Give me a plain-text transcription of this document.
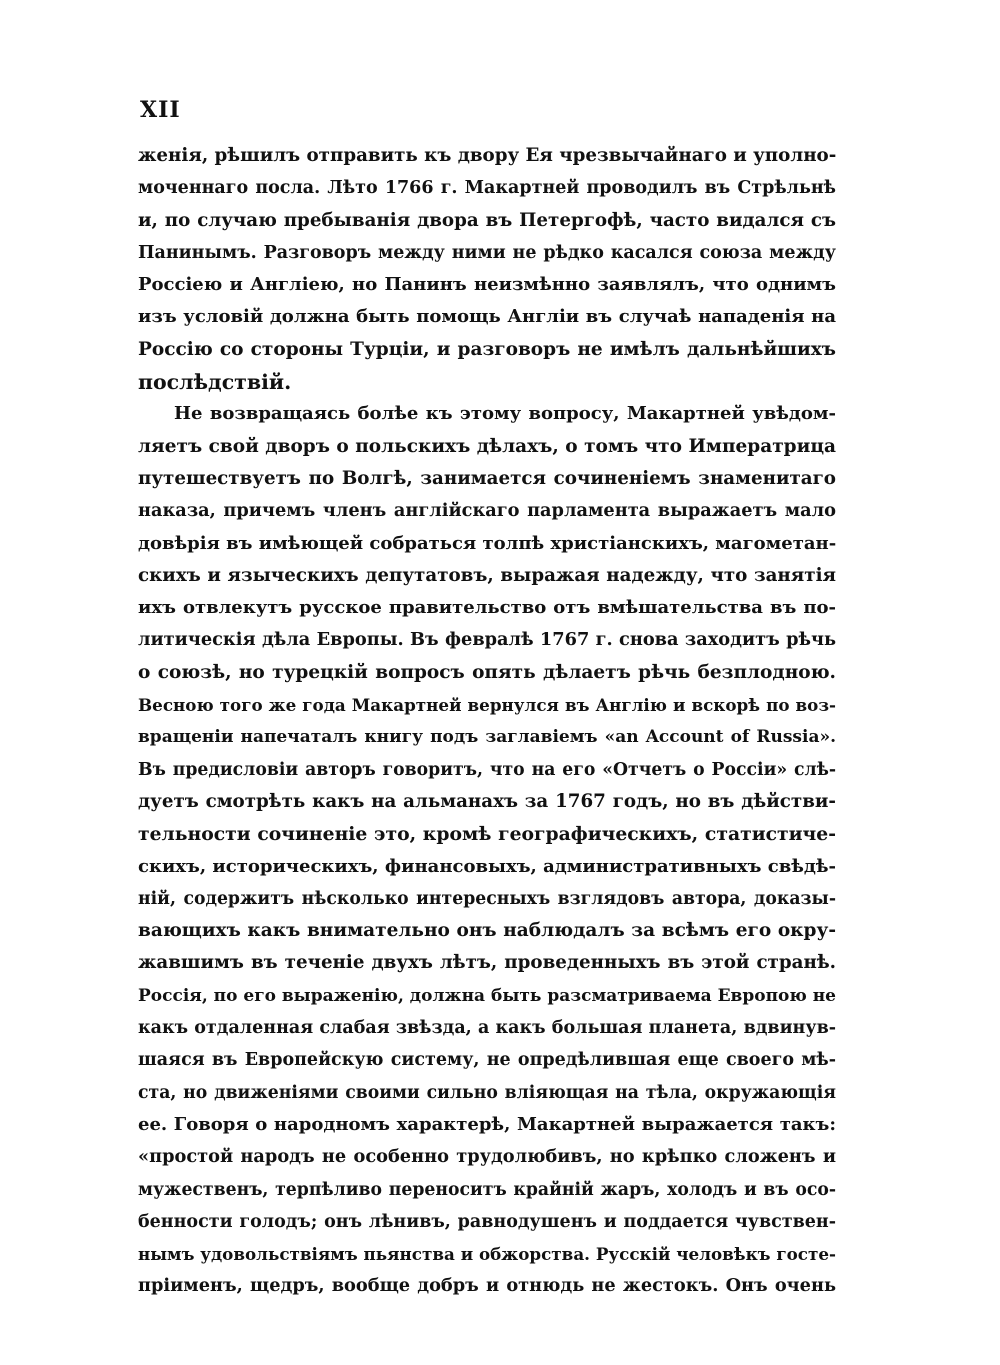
XII
женія, рѣшилъ отправить къ двору Ея чрезвычайнаго и уполно-
моченнаго посла. Лѣто 1766 г. Макартней проводилъ въ Стрѣльнѣ
и, по случаю пребыванія двора въ Петергофѣ, часто видался съ
Панинымъ. Разговоръ между ними не рѣдко касался союза между
Россіею и Англіею, но Панинъ неизмѣнно заявлялъ, что однимъ
изъ условій должна быть помощь Англіи въ случаѣ нападенія на
Россію со стороны Турціи, и разговоръ не имѣлъ дальнѣйшихъ
послѣдствій.
Не возвращаясь болѣе къ этому вопросу, Макартней увѣдом-
ляетъ свой дворъ о польскихъ дѣлахъ, о томъ что Императрица
путешествуетъ по Волгѣ, занимается сочиненіемъ знаменитаго
наказа, причемъ членъ англійскаго парламента выражаетъ мало
довѣрія въ имѣющей собраться толпѣ христіанскихъ, магометан-
скихъ и языческихъ депутатовъ, выражая надежду, что занятія
ихъ отвлекутъ русское правительство отъ вмѣшательства въ по-
литическія дѣла Европы. Въ февралѣ 1767 г. снова заходитъ рѣчь
о союзѣ, но турецкій вопросъ опять дѣлаетъ рѣчь безплодною.
Весною того же года Макартней вернулся въ Англію и вскорѣ по воз-
вращеніи напечаталъ книгу подъ заглавіемъ «an Account of Russia».
Въ предисловіи авторъ говоритъ, что на его «Отчетъ о Россіи» слѣ-
дуетъ смотрѣть какъ на альманахъ за 1767 годъ, но въ дѣйстви-
тельности сочиненіе это, кромѣ географическихъ, статистиче-
скихъ, историческихъ, финансовыхъ, административныхъ свѣдѣ-
ній, содержитъ нѣсколько интересныхъ взглядовъ автора, доказы-
вающихъ какъ внимательно онъ наблюдалъ за всѣмъ его окру-
жавшимъ въ теченіе двухъ лѣтъ, проведенныхъ въ этой странѣ.
Россія, по его выраженію, должна быть разсматриваема Европою не
какъ отдаленная слабая звѣзда, а какъ большая планета, вдвинув-
шаяся въ Европейскую систему, не опредѣлившая еще своего мѣ-
ста, но движеніями своими сильно вліяющая на тѣла, окружающія
ее. Говоря о народномъ характерѣ, Макартней выражается такъ:
«простой народъ не особенно трудолюбивъ, но крѣпко сложенъ и
мужественъ, терпѣливо переноситъ крайній жаръ, холодъ и въ осо-
бенности голодъ; онъ лѣнивъ, равнодушенъ и поддается чувствен-
нымъ удовольствіямъ пьянства и обжорства. Русскій человѣкъ госте-
пріименъ, щедръ, вообще добръ и отнюдь не жестокъ. Онъ очень
